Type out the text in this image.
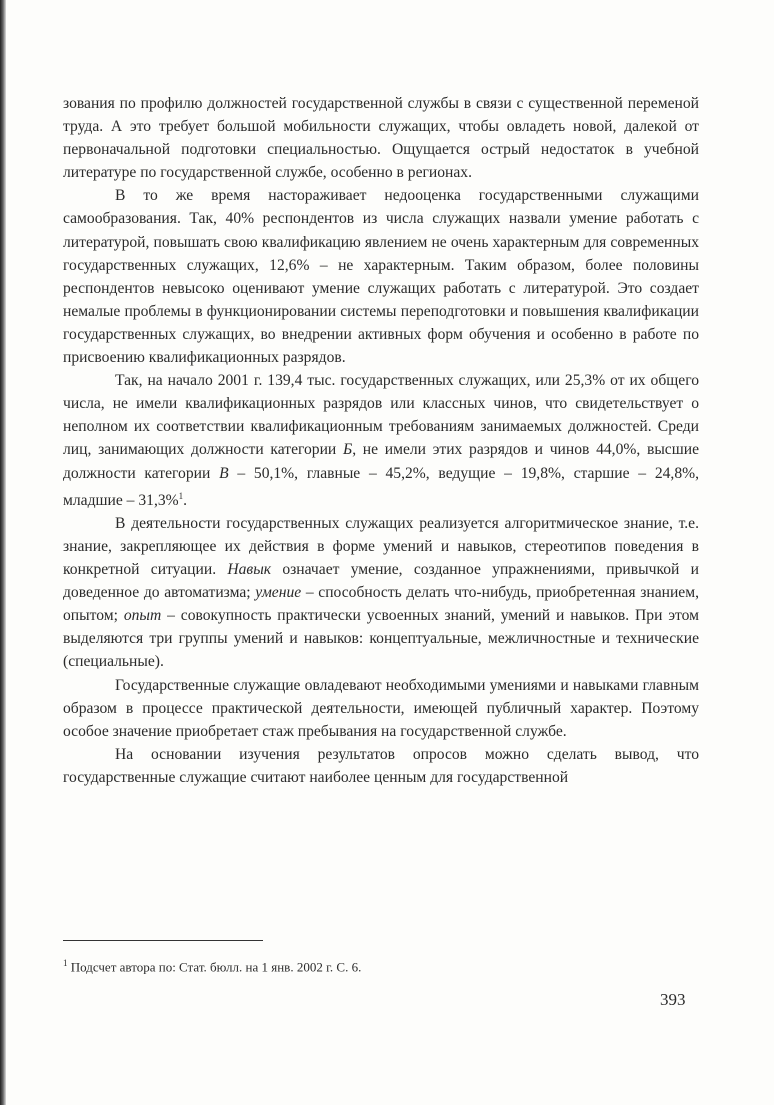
зования по профилю должностей государственной службы в связи с существенной переменой труда. А это требует большой мобильности служащих, чтобы овладеть новой, далекой от первоначальной подготовки специальностью. Ощущается острый недостаток в учебной литературе по государственной службе, особенно в регионах.

В то же время настораживает недооценка государственными служащими самообразования. Так, 40% респондентов из числа служащих назвали умение работать с литературой, повышать свою квалификацию явлением не очень характерным для современных государственных служащих, 12,6% – не характерным. Таким образом, более половины респондентов невысоко оценивают умение служащих работать с литературой. Это создает немалые проблемы в функционировании системы переподготовки и повышения квалификации государственных служащих, во внедрении активных форм обучения и особенно в работе по присвоению квалификационных разрядов.

Так, на начало 2001 г. 139,4 тыс. государственных служащих, или 25,3% от их общего числа, не имели квалификационных разрядов или классных чинов, что свидетельствует о неполном их соответствии квалификационным требованиям занимаемых должностей. Среди лиц, занимающих должности категории Б, не имели этих разрядов и чинов 44,0%, высшие должности категории В – 50,1%, главные – 45,2%, ведущие – 19,8%, старшие – 24,8%, младшие – 31,3%$^1$.

В деятельности государственных служащих реализуется алгоритмическое знание, т.е. знание, закрепляющее их действия в форме умений и навыков, стереотипов поведения в конкретной ситуации. Навык означает умение, созданное упражнениями, привычкой и доведенное до автоматизма; умение – способность делать что-нибудь, приобретенная знанием, опытом; опыт – совокупность практически усвоенных знаний, умений и навыков. При этом выделяются три группы умений и навыков: концептуальные, межличностные и технические (специальные).

Государственные служащие овладевают необходимыми умениями и навыками главным образом в процессе практической деятельности, имеющей публичный характер. Поэтому особое значение приобретает стаж пребывания на государственной службе.

На основании изучения результатов опросов можно сделать вывод, что государственные служащие считают наиболее ценным для государственной

$^1$ Подсчет автора по: Стат. бюлл. на 1 янв. 2002 г. С. 6.
393
